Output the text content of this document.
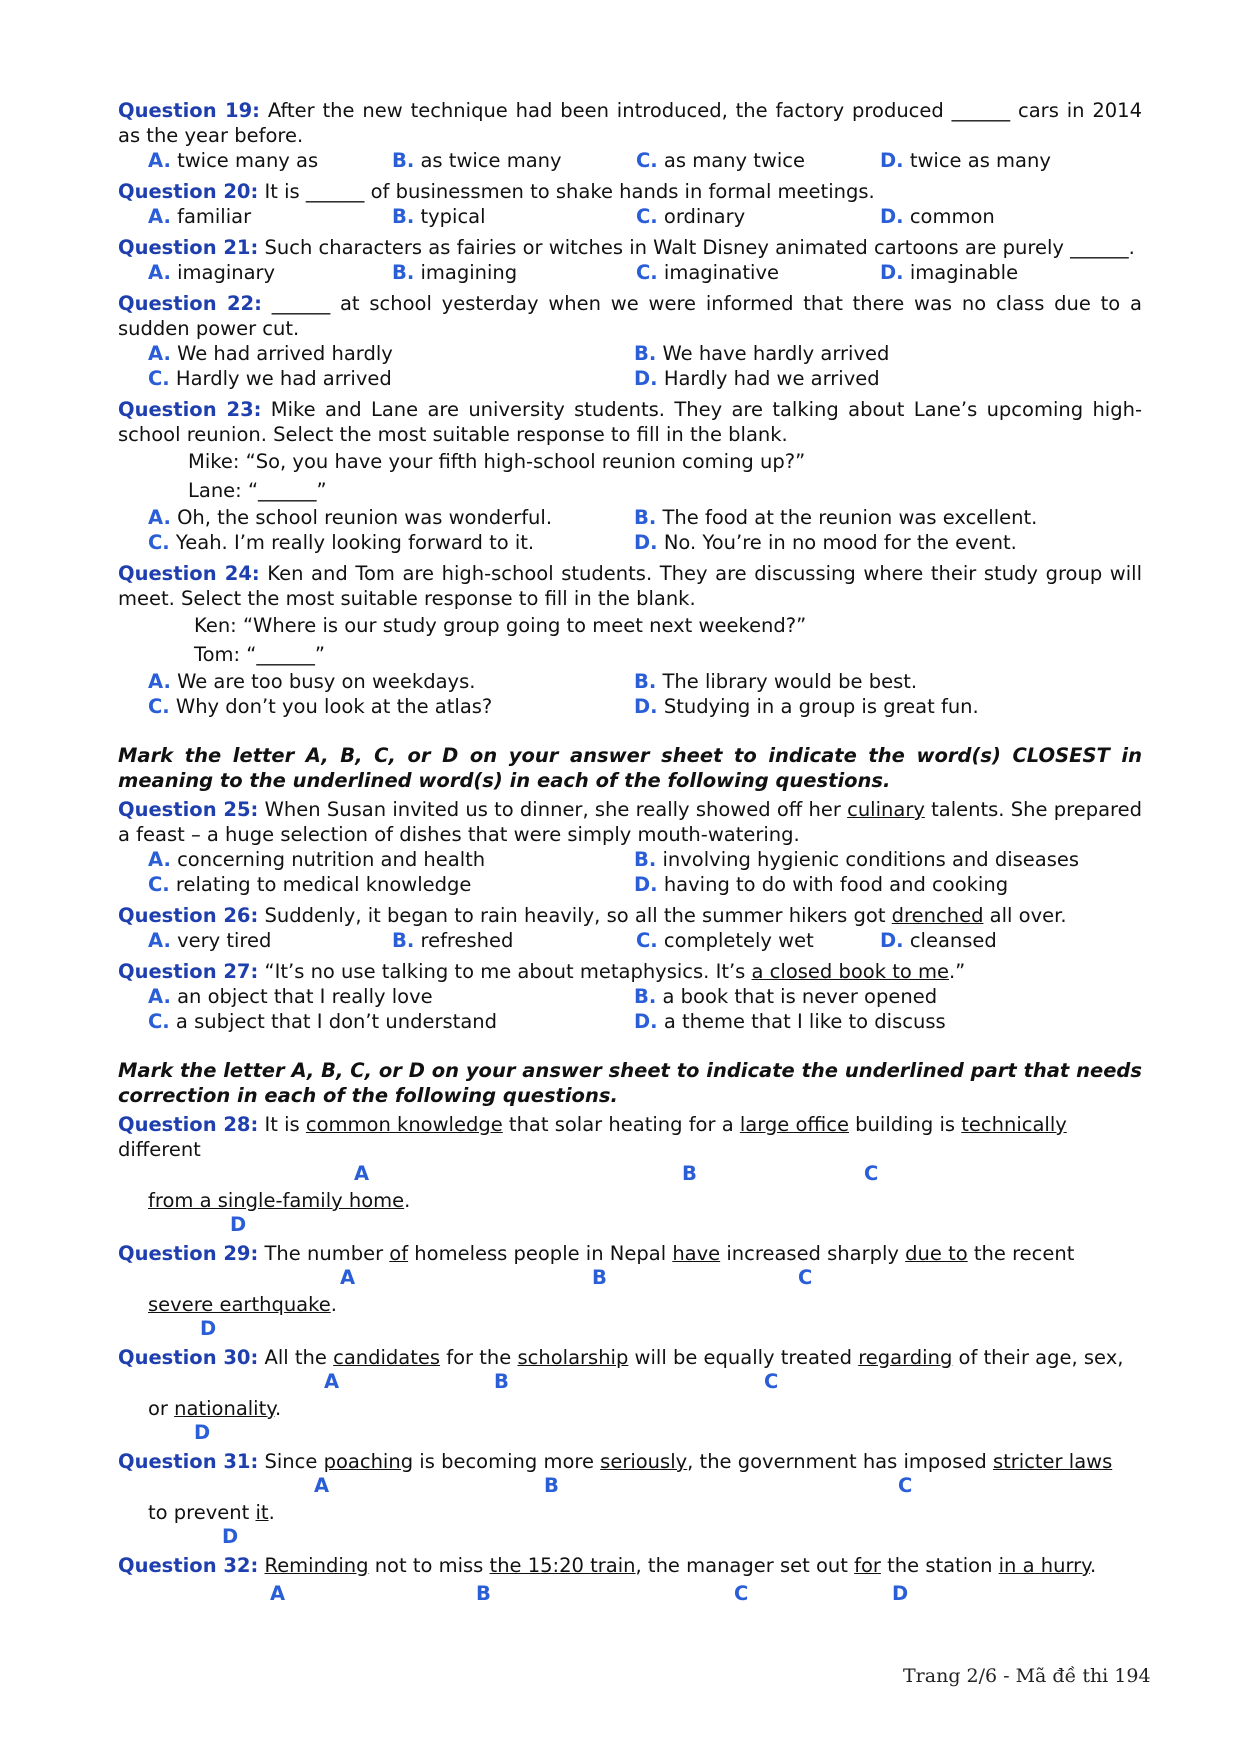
Question 19: After the new technique had been introduced, the factory produced ______ cars in 2014 as the year before.

A. twice many as	B. as twice many	C. as many twice	D. twice as many

Question 20: It is ______ of businessmen to shake hands in formal meetings.

A. familiar	B. typical	C. ordinary	D. common

Question 21: Such characters as fairies or witches in Walt Disney animated cartoons are purely ______.

A. imaginary	B. imagining	C. imaginative	D. imaginable

Question 22: ______ at school yesterday when we were informed that there was no class due to a sudden power cut.

A. We had arrived hardly	B. We have hardly arrived
C. Hardly we had arrived	D. Hardly had we arrived

Question 23: Mike and Lane are university students. They are talking about Lane’s upcoming high-school reunion. Select the most suitable response to fill in the blank.

Mike: “So, you have your fifth high-school reunion coming up?”
Lane: “______”
A. Oh, the school reunion was wonderful.	B. The food at the reunion was excellent.
C. Yeah. I’m really looking forward to it.	D. No. You’re in no mood for the event.

Question 24: Ken and Tom are high-school students. They are discussing where their study group will meet. Select the most suitable response to fill in the blank.

Ken: “Where is our study group going to meet next weekend?”
Tom: “______”
A. We are too busy on weekdays.	B. The library would be best.
C. Why don’t you look at the atlas?	D. Studying in a group is great fun.

Mark the letter A, B, C, or D on your answer sheet to indicate the word(s) CLOSEST in meaning to the underlined word(s) in each of the following questions.

Question 25: When Susan invited us to dinner, she really showed off her culinary talents. She prepared a feast – a huge selection of dishes that were simply mouth-watering.

A. concerning nutrition and health	B. involving hygienic conditions and diseases
C. relating to medical knowledge	D. having to do with food and cooking

Question 26: Suddenly, it began to rain heavily, so all the summer hikers got drenched all over.

A. very tired	B. refreshed	C. completely wet	D. cleansed

Question 27: “It’s no use talking to me about metaphysics. It’s a closed book to me.”

A. an object that I really love	B. a book that is never opened
C. a subject that I don’t understand	D. a theme that I like to discuss

Mark the letter A, B, C, or D on your answer sheet to indicate the underlined part that needs correction in each of the following questions.

Question 28: It is common knowledge that solar heating for a large office building is technically different
A	B	C
from a single-family home.
D
Question 29: The number of homeless people in Nepal have increased sharply due to the recent
A	B	C
severe earthquake.
D
Question 30: All the candidates for the scholarship will be equally treated regarding of their age, sex,
A	B	C
or nationality.
D
Question 31: Since poaching is becoming more seriously, the government has imposed stricter laws
A	B	C
to prevent it.
D
Question 32: Reminding not to miss the 15:20 train, the manager set out for the station in a hurry.
A	B	C	D
Trang 2/6 - Mã đề thi 194
